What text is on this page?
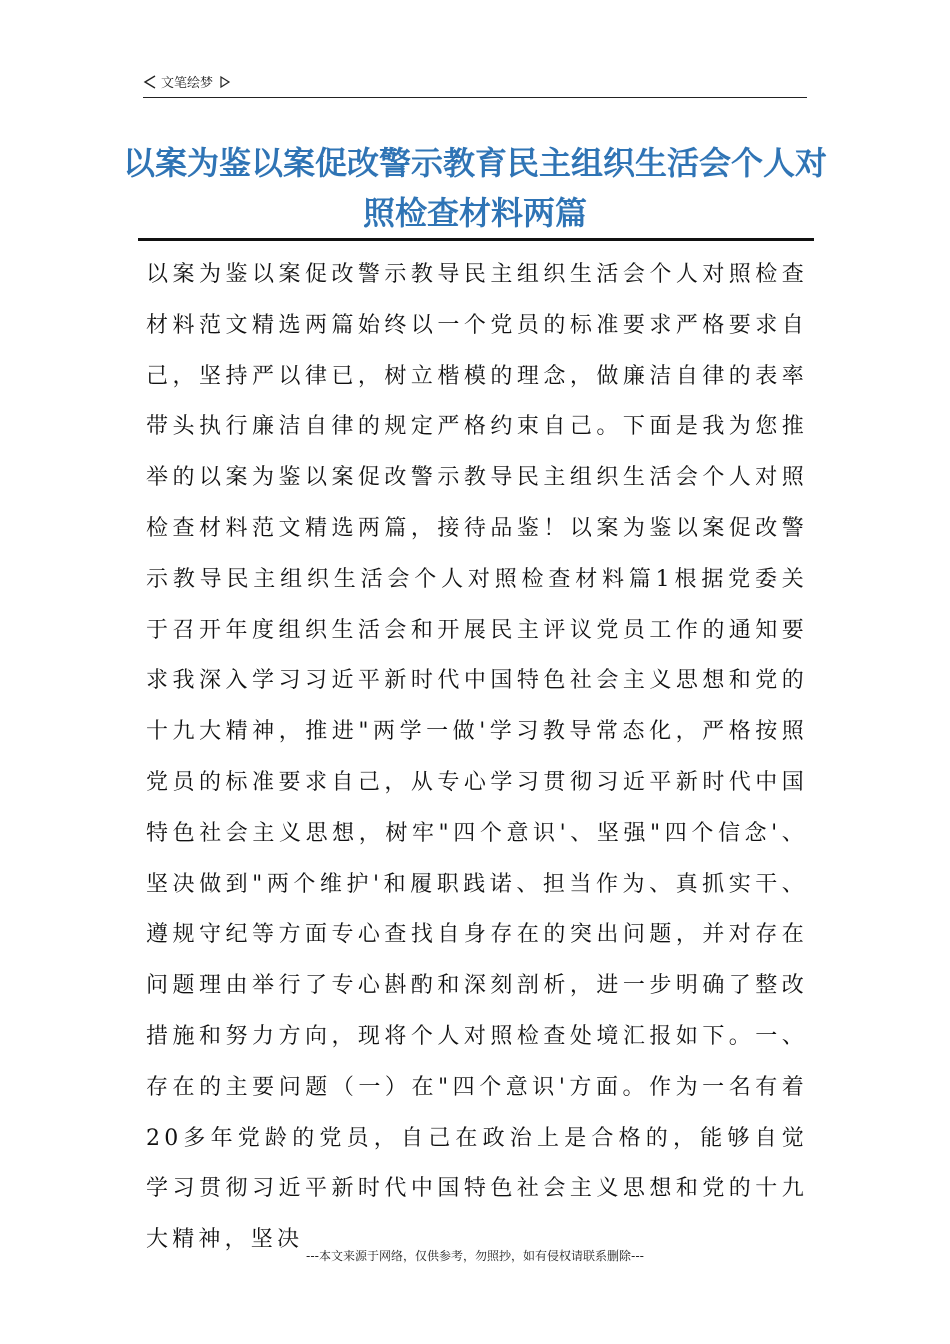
文笔绘梦
以案为鉴以案促改警示教育民主组织生活会个人对照检查材料两篇

以案为鉴以案促改警示教导民主组织生活会个人对照检查材料范文精选两篇始终以一个党员的标准要求严格要求自己，坚持严以律已，树立楷模的理念，做廉洁自律的表率带头执行廉洁自律的规定严格约束自己。下面是我为您推举的以案为鉴以案促改警示教导民主组织生活会个人对照检查材料范文精选两篇，接待品鉴！以案为鉴以案促改警示教导民主组织生活会个人对照检查材料篇1根据党委关于召开年度组织生活会和开展民主评议党员工作的通知要求我深入学习习近平新时代中国特色社会主义思想和党的十九大精神，推进"两学一做'学习教导常态化，严格按照党员的标准要求自己，从专心学习贯彻习近平新时代中国特色社会主义思想，树牢"四个意识'、坚强"四个信念'、坚决做到"两个维护'和履职践诺、担当作为、真抓实干、遵规守纪等方面专心查找自身存在的突出问题，并对存在问题理由举行了专心斟酌和深刻剖析，进一步明确了整改措施和努力方向，现将个人对照检查处境汇报如下。一、存在的主要问题（一）在"四个意识'方面。作为一名有着20多年党龄的党员，自己在政治上是合格的，能够自觉学习贯彻习近平新时代中国特色社会主义思想和党的十九大精神，坚决

---本文来源于网络，仅供参考，勿照抄，如有侵权请联系删除---
